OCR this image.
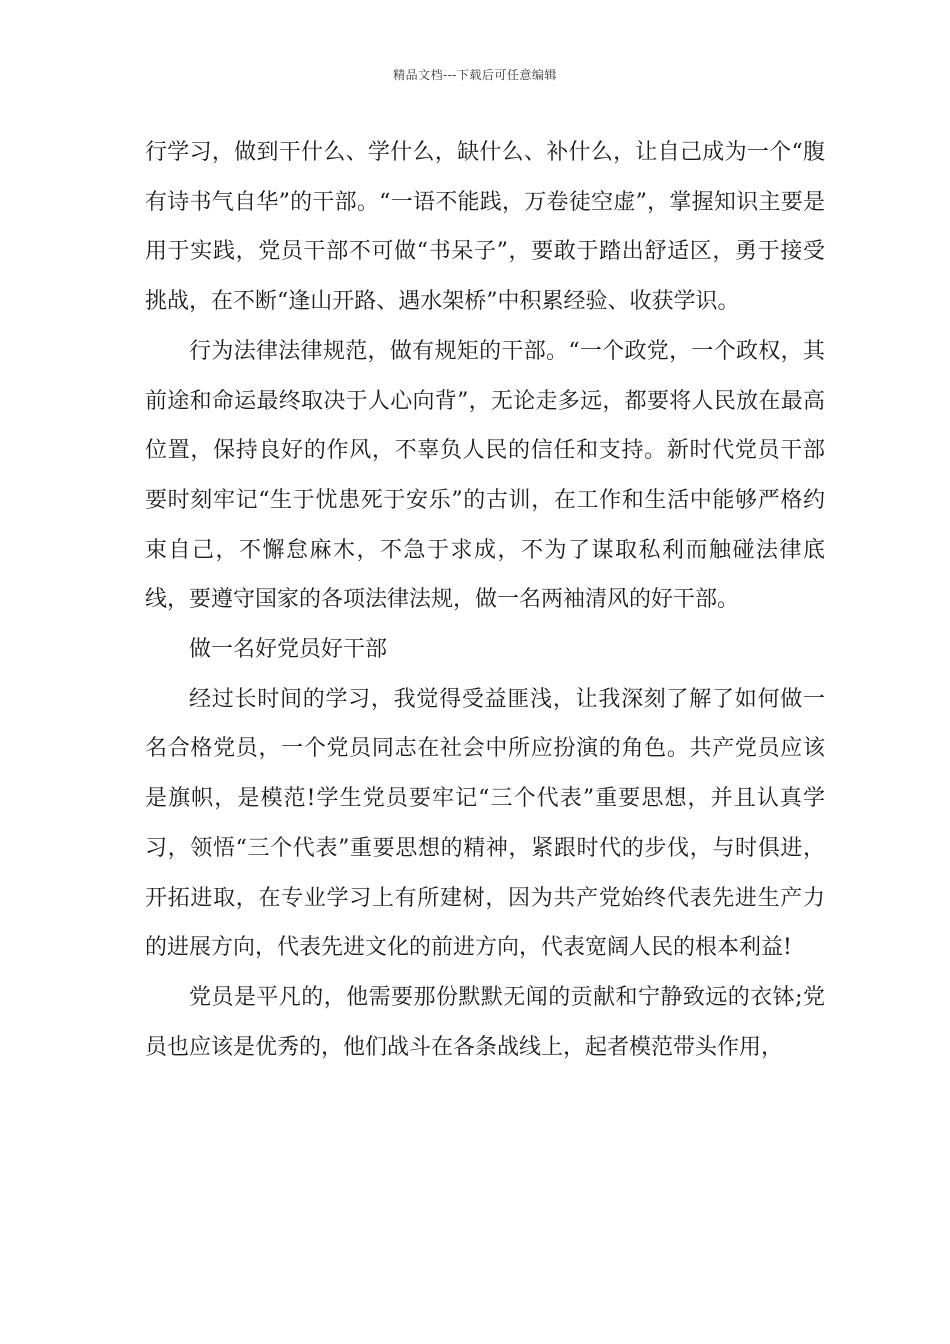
精品文档---下载后可任意编辑

行学习，做到干什么、学什么，缺什么、补什么，让自己成为一个“腹有诗书气自华”的干部。“一语不能践，万卷徒空虚”，掌握知识主要是用于实践，党员干部不可做“书呆子”，要敢于踏出舒适区，勇于接受挑战，在不断“逢山开路、遇水架桥”中积累经验、收获学识。

行为法律法律规范，做有规矩的干部。“一个政党，一个政权，其前途和命运最终取决于人心向背”，无论走多远，都要将人民放在最高位置，保持良好的作风，不辜负人民的信任和支持。新时代党员干部要时刻牢记“生于忧患死于安乐”的古训，在工作和生活中能够严格约束自己，不懈怠麻木，不急于求成，不为了谋取私利而触碰法律底线，要遵守国家的各项法律法规，做一名两袖清风的好干部。

做一名好党员好干部

经过长时间的学习，我觉得受益匪浅，让我深刻了解了如何做一名合格党员，一个党员同志在社会中所应扮演的角色。共产党员应该是旗帜，是模范!学生党员要牢记“三个代表”重要思想，并且认真学习，领悟“三个代表”重要思想的精神，紧跟时代的步伐，与时俱进，开拓进取，在专业学习上有所建树，因为共产党始终代表先进生产力的进展方向，代表先进文化的前进方向，代表宽阔人民的根本利益!

党员是平凡的，他需要那份默默无闻的贡献和宁静致远的衣钵;党员也应该是优秀的，他们战斗在各条战线上，起者模范带头作用，
